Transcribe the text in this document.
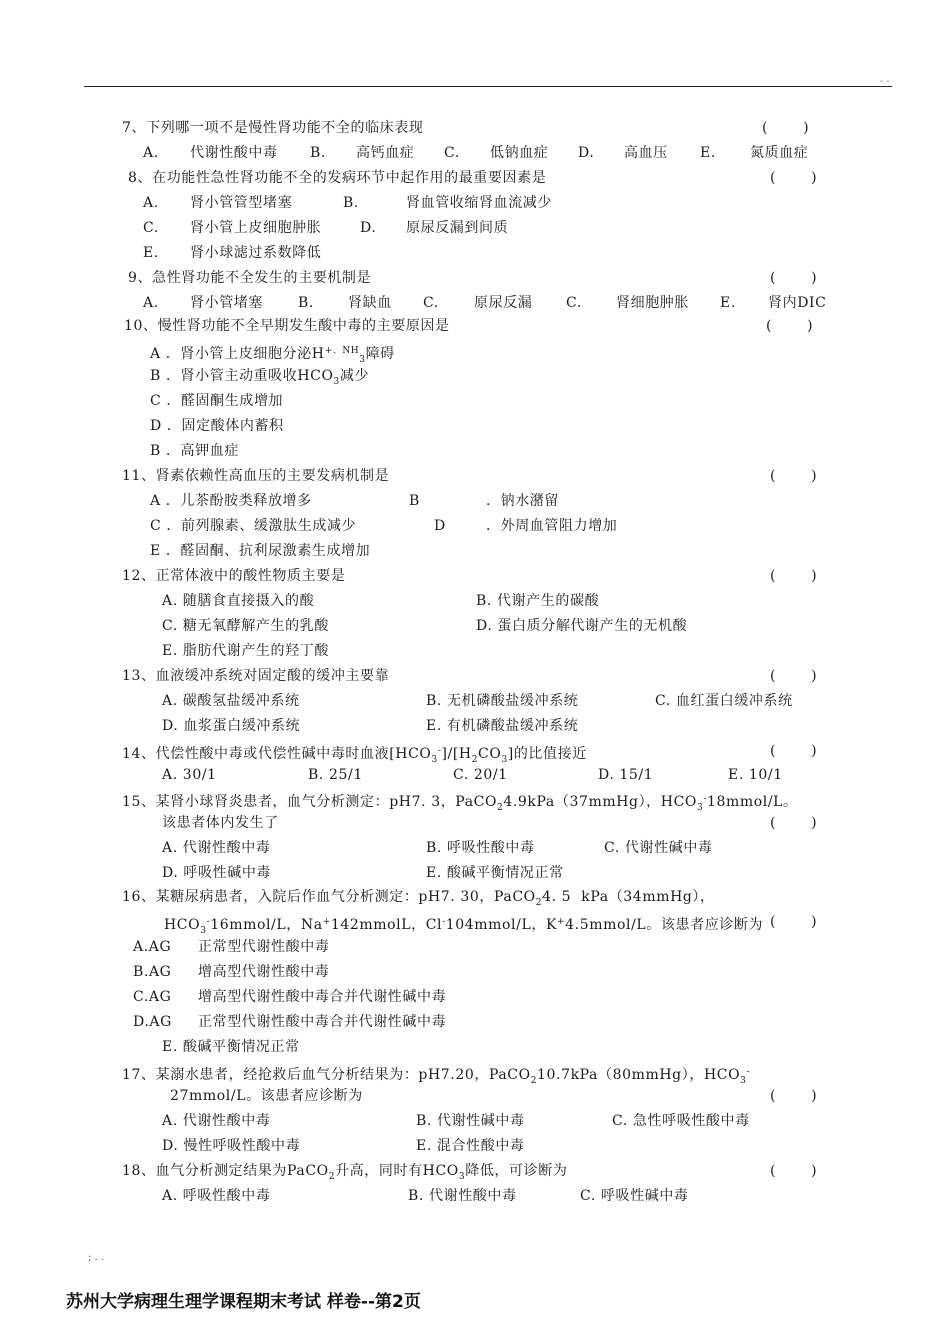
. .
7、下列哪一项不是慢性肾功能不全的临床表现	(        )
A. 代谢性酸中毒 B. 高钙血症 C. 低钠血症 D. 高血压 E. 氮质血症
8、在功能性急性肾功能不全的发病环节中起作用的最重要因素是	(        )
A. 肾小管管型堵塞	B.	肾血管收缩肾血流减少
C. 肾小管上皮细胞肿胀	D. 原尿反漏到间质
E. 肾小球滤过系数降低
9、急性肾功能不全发生的主要机制是	(        )
A. 肾小管堵塞	B. 肾缺血 C.	原尿反漏 C. 肾细胞肿胀 E. 肾内DIC
10、慢性肾功能不全早期发生酸中毒的主要原因是	(        )
A ．肾小管上皮细胞分泌$H^{+、NH}_3$障碍
B ．肾小管主动重吸收$HCO_3$减少
C ．醛固酮生成增加
D ．固定酸体内蓄积
B ．高钾血症
11、肾素依赖性高血压的主要发病机制是	(        )
A ．儿茶酚胺类释放增多	B	．钠水潴留
C ．前列腺素、缓激肽生成减少	D	．外周血管阻力增加
E ．醛固酮、抗利尿激素生成增加
12、正常体液中的酸性物质主要是	(        )
A. 随膳食直接摄入的酸	B. 代谢产生的碳酸
C. 糖无氧酵解产生的乳酸	D. 蛋白质分解代谢产生的无机酸
E. 脂肪代谢产生的羟丁酸
13、血液缓冲系统对固定酸的缓冲主要靠	(        )
A. 碳酸氢盐缓冲系统	B. 无机磷酸盐缓冲系统	C. 血红蛋白缓冲系统
D. 血浆蛋白缓冲系统	E. 有机磷酸盐缓冲系统
14、代偿性酸中毒或代偿性碱中毒时血液$[HCO_3^-]/[H_2CO_3]$的比值接近	(        )
A. 30/1	B. 25/1	C. 20/1	D. 15/1	E. 10/1
15、某肾小球肾炎患者，血气分析测定：pH7. 3，PaCO$_2$4.9kPa（37mmHg），$HCO_3^-18mmol/L$。
该患者体内发生了	(        )
A. 代谢性酸中毒	B. 呼吸性酸中毒	C. 代谢性碱中毒
D. 呼吸性碱中毒	E. 酸碱平衡情况正常
16、某糖尿病患者，入院后作血气分析测定：pH7. 30，PaCO$_2$4. 5  kPa（34mmHg），
$HCO_3^-16mmol/L$，Na+142mmolL，Cl-104mmol/L，K+4.5mmol/L。该患者应诊断为 (        )
A.AG 正常型代谢性酸中毒
B.AG 增高型代谢性酸中毒
C.AG 增高型代谢性酸中毒合并代谢性碱中毒
D.AG 正常型代谢性酸中毒合并代谢性碱中毒
E. 酸碱平衡情况正常
17、某溺水患者，经抢救后血气分析结果为：pH7.20，PaCO$_2$10.7kPa（80mmHg），$HCO_3^-$
27mmol/L。该患者应诊断为	(        )
A. 代谢性酸中毒	B. 代谢性碱中毒	C. 急性呼吸性酸中毒
D. 慢性呼吸性酸中毒	E. 混合性酸中毒
18、血气分析测定结果为PaCO$_2$升高，同时有$HCO_3$降低，可诊断为	(        )
A. 呼吸性酸中毒	B. 代谢性酸中毒	C. 呼吸性碱中毒
; . .
苏州大学病理生理学课程期末考试 样卷--第2页
